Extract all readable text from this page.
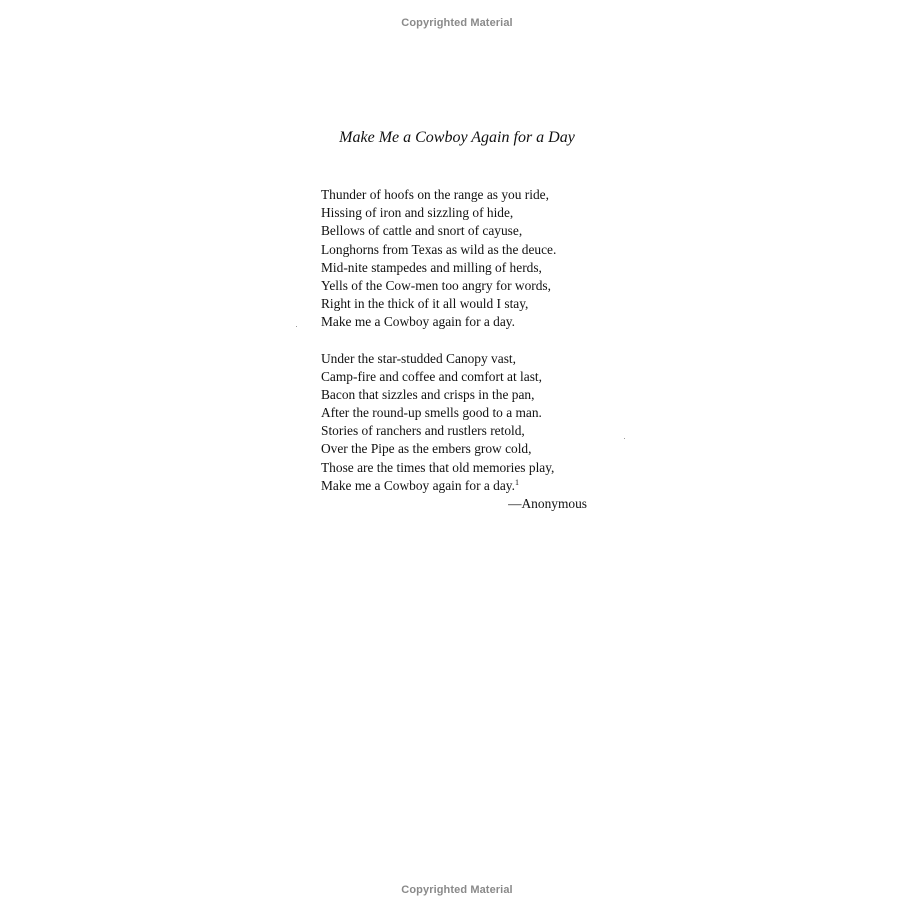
Copyrighted Material
Make Me a Cowboy Again for a Day
Thunder of hoofs on the range as you ride,
Hissing of iron and sizzling of hide,
Bellows of cattle and snort of cayuse,
Longhorns from Texas as wild as the deuce.
Mid-nite stampedes and milling of herds,
Yells of the Cow-men too angry for words,
Right in the thick of it all would I stay,
Make me a Cowboy again for a day.
Under the star-studded Canopy vast,
Camp-fire and coffee and comfort at last,
Bacon that sizzles and crisps in the pan,
After the round-up smells good to a man.
Stories of ranchers and rustlers retold,
Over the Pipe as the embers grow cold,
Those are the times that old memories play,
Make me a Cowboy again for a day.$^1$
—Anonymous
Copyrighted Material
